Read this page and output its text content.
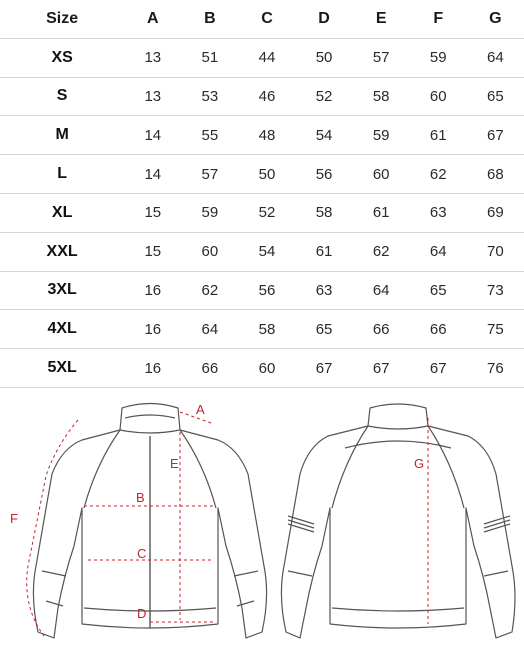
Size	A	B	C	D	E	F	G
XS	13	51	44	50	57	59	64
S	13	53	46	52	58	60	65
M	14	55	48	54	59	61	67
L	14	57	50	56	60	62	68
XL	15	59	52	58	61	63	69
XXL	15	60	54	61	62	64	70
3XL	16	62	56	63	64	65	73
4XL	16	64	58	65	66	66	75
5XL	16	66	60	67	67	67	76
A
B
C
D
E
F
G
